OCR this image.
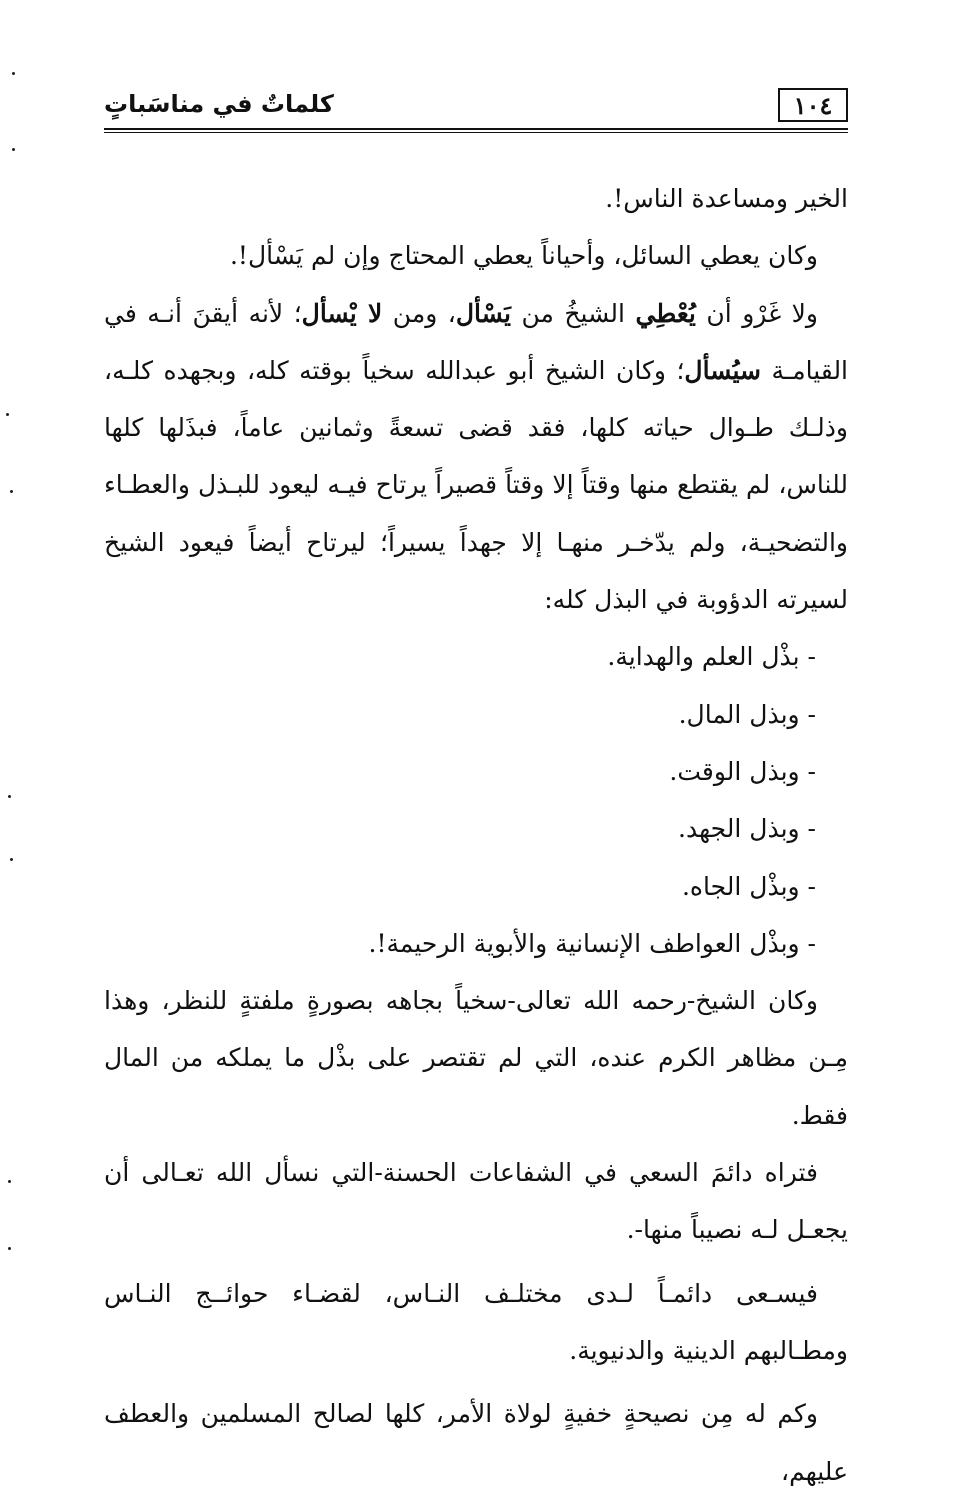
١٠٤
كلماتٌ في مناسَباتٍ

الخير ومساعدة الناس!.

وكان يعطي السائل، وأحياناً يعطي المحتاج وإن لم يَسْأل!.

ولا غَرْو أن يُعْطِي الشيخُ من يَسْأل، ومن لا يْسأل؛ لأنه أيقنَ أنـه في القيامـة سيُسأل؛ وكان الشيخ أبو عبدالله سخياً بوقته كله، وبجهده كلـه، وذلـك طـوال حياته كلها، فقد قضى تسعةً وثمانين عاماً، فبذَلها كلها للناس، لم يقتطع منها وقتاً إلا وقتاً قصيراً يرتاح فيـه ليعود للبـذل والعطـاء والتضحيـة، ولم يدّخـر منهـا إلا جهداً يسيراً؛ ليرتاح أيضاً فيعود الشيخ لسيرته الدؤوبة في البذل كله:

- بذْل العلم والهداية.
- وبذل المال.
- وبذل الوقت.
- وبذل الجهد.
- وبذْل الجاه.
- وبذْل العواطف الإنسانية والأبوية الرحيمة!.

وكان الشيخ-رحمه الله تعالى-سخياً بجاهه بصورةٍ ملفتةٍ للنظر، وهذا مِـن مظاهر الكرم عنده، التي لم تقتصر على بذْل ما يملكه من المال فقط.

فتراه دائمَ السعي في الشفاعات الحسنة-التي نسأل الله تعـالى أن يجعـل لـه نصيباً منها-.

فيسـعى دائمـاً لـدى مختلـف النـاس، لقضـاء حوائــج النـاس ومطـالبهم الدينية والدنيوية.

وكم له مِن نصيحةٍ خفيةٍ لولاة الأمر، كلها لصالح المسلمين والعطف عليهم،
